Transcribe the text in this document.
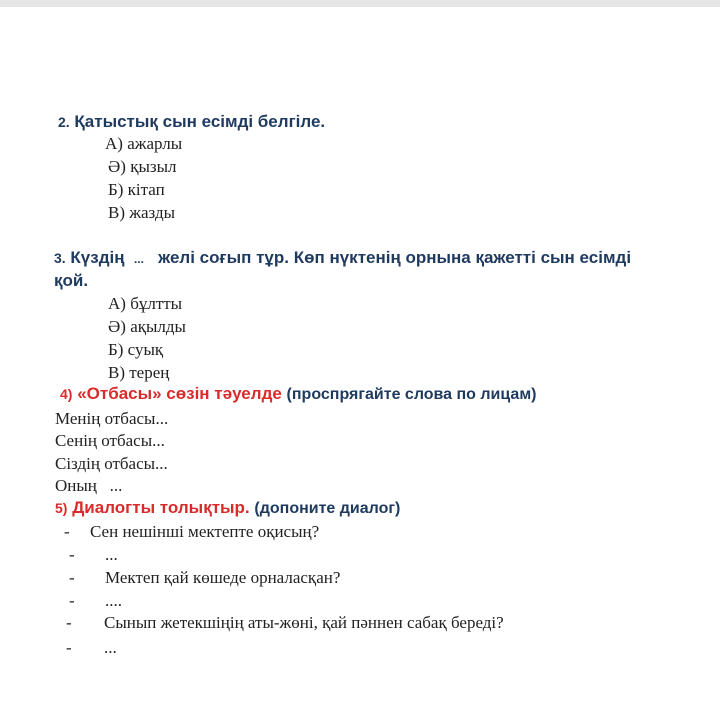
2. Қатыстық сын есімді белгіле.
А) ажарлы
Ә) қызыл
Б) кітап
В) жазды
3. Күздің ... желі соғып тұр. Көп нүктенің орнына қажетті сын есімді
қой.
А) бұлтты
Ә) ақылды
Б) суық
В) терең
4) «Отбасы» сөзін тәуелде (проспрягайте слова по лицам)
Менің отбасы...
Сенің отбасы...
Сіздің отбасы...
Оның   ...
5) Диалогты толықтыр. (допоните диалог)
- Сен нешінші мектепте оқисың?
- ...
- Мектеп қай көшеде орналасқан?
- ....
- Сынып жетекшіңің аты-жөні, қай пәннен сабақ береді?
- ...
